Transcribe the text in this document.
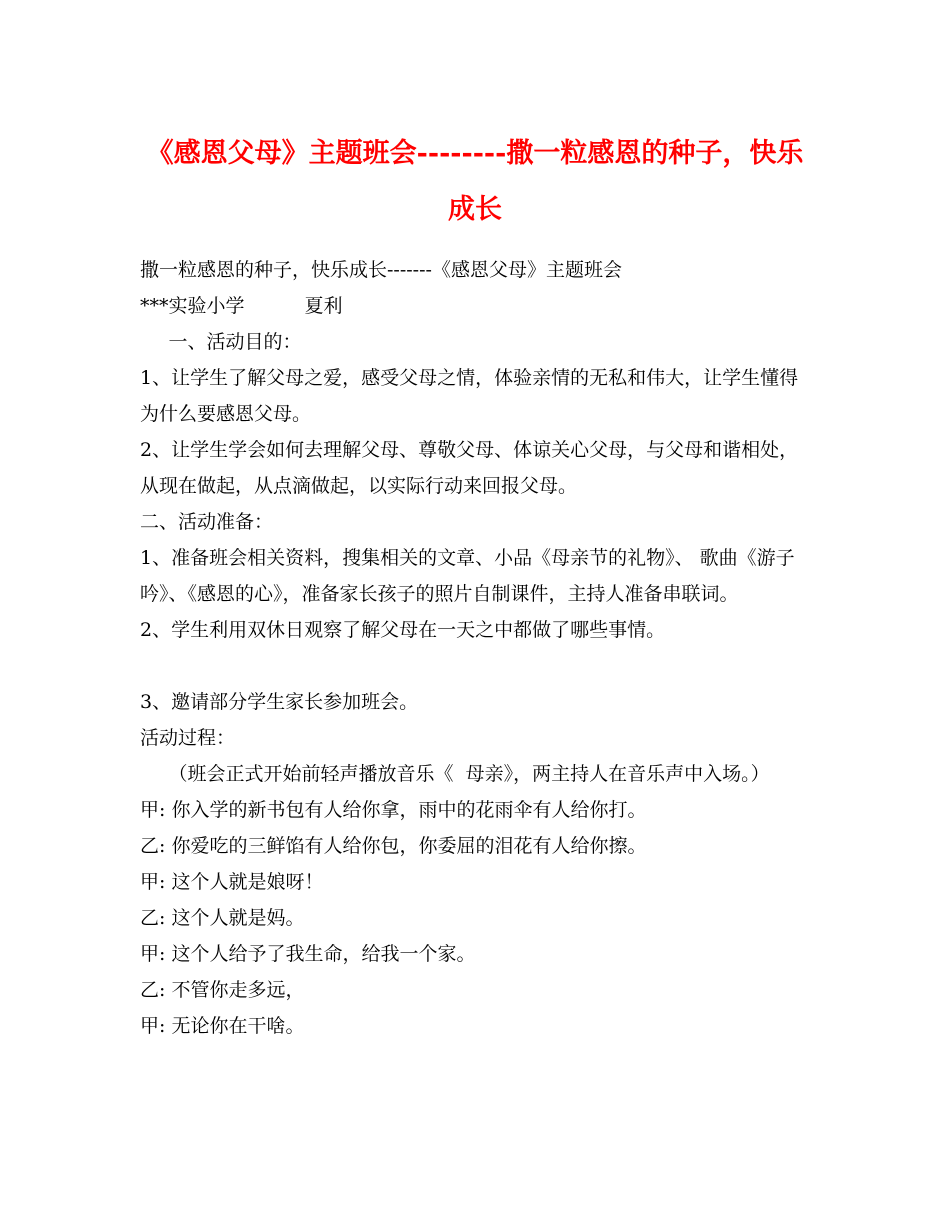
《感恩父母》主题班会--------撒一粒感恩的种子，快乐成长

撒一粒感恩的种子，快乐成长-------《感恩父母》主题班会

***实验小学	夏利

一、活动目的：

1、让学生了解父母之爱，感受父母之情，体验亲情的无私和伟大，让学生懂得为什么要感恩父母。

2、让学生学会如何去理解父母、尊敬父母、体谅关心父母，与父母和谐相处，从现在做起，从点滴做起，以实际行动来回报父母。

二、活动准备：

1、准备班会相关资料，搜集相关的文章、小品《母亲节的礼物》、 歌曲《游子吟》、《感恩的心》，准备家长孩子的照片自制课件，主持人准备串联词。

2、学生利用双休日观察了解父母在一天之中都做了哪些事情。

3、邀请部分学生家长参加班会。

活动过程：

（班会正式开始前轻声播放音乐《  母亲》，两主持人在音乐声中入场。）

甲: 你入学的新书包有人给你拿，雨中的花雨伞有人给你打。

乙: 你爱吃的三鲜馅有人给你包，你委屈的泪花有人给你擦。

甲: 这个人就是娘呀！

乙: 这个人就是妈。

甲: 这个人给予了我生命，给我一个家。

乙: 不管你走多远，

甲: 无论你在干啥。
